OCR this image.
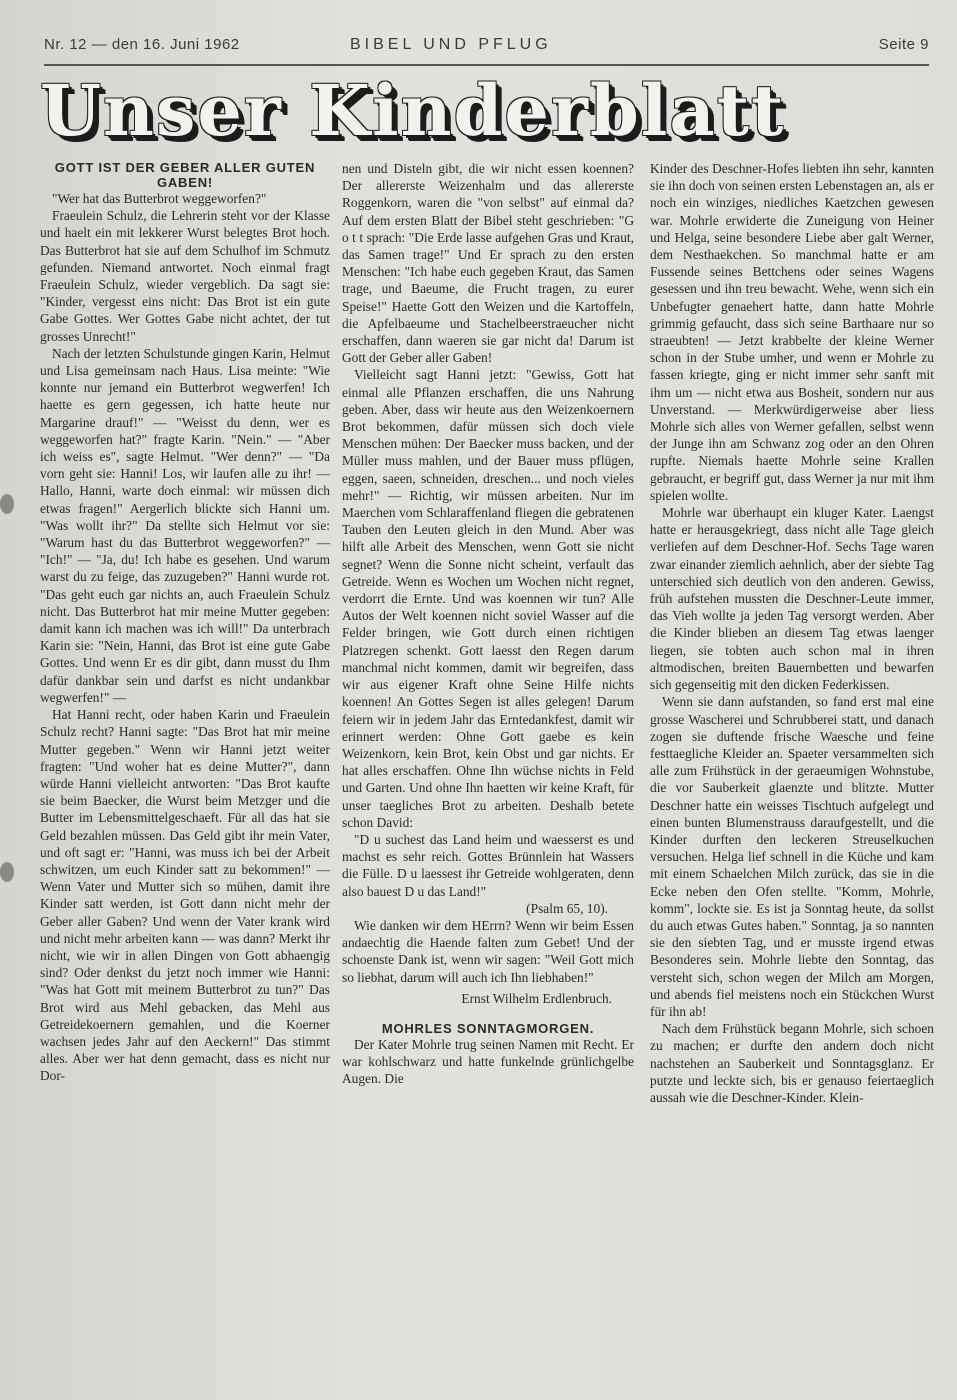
Nr. 12 — den 16. Juni 1962	BIBEL UND PFLUG	Seite 9
Unser Kinderblatt

GOTT IST DER GEBER ALLER GUTEN GABEN!

"Wer hat das Butterbrot weggeworfen?"

Fraeulein Schulz, die Lehrerin steht vor der Klasse und haelt ein mit lekkerer Wurst belegtes Brot hoch. Das Butterbrot hat sie auf dem Schulhof im Schmutz gefunden. Niemand antwortet. Noch einmal fragt Fraeulein Schulz, wieder vergeblich. Da sagt sie: "Kinder, vergesst eins nicht: Das Brot ist ein gute Gabe Gottes. Wer Gottes Gabe nicht achtet, der tut grosses Unrecht!"

Nach der letzten Schulstunde gingen Karin, Helmut und Lisa gemeinsam nach Haus. Lisa meinte: "Wie konnte nur jemand ein Butterbrot wegwerfen! Ich haette es gern gegessen, ich hatte heute nur Margarine drauf!" — "Weisst du denn, wer es weggeworfen hat?" fragte Karin. "Nein." — "Aber ich weiss es", sagte Helmut. "Wer denn?" — "Da vorn geht sie: Hanni! Los, wir laufen alle zu ihr! — Hallo, Hanni, warte doch einmal: wir müssen dich etwas fragen!" Aergerlich blickte sich Hanni um. "Was wollt ihr?" Da stellte sich Helmut vor sie: "Warum hast du das Butterbrot weggeworfen?" — "Ich!" — "Ja, du! Ich habe es gesehen. Und warum warst du zu feige, das zuzugeben?" Hanni wurde rot. "Das geht euch gar nichts an, auch Fraeulein Schulz nicht. Das Butterbrot hat mir meine Mutter gegeben: damit kann ich machen was ich will!" Da unterbrach Karin sie: "Nein, Hanni, das Brot ist eine gute Gabe Gottes. Und wenn Er es dir gibt, dann musst du Ihm dafür dankbar sein und darfst es nicht undankbar wegwerfen!" —

Hat Hanni recht, oder haben Karin und Fraeulein Schulz recht? Hanni sagte: "Das Brot hat mir meine Mutter gegeben." Wenn wir Hanni jetzt weiter fragten: "Und woher hat es deine Mutter?", dann würde Hanni vielleicht antworten: "Das Brot kaufte sie beim Baecker, die Wurst beim Metzger und die Butter im Lebensmittelgeschaeft. Für all das hat sie Geld bezahlen müssen. Das Geld gibt ihr mein Vater, und oft sagt er: "Hanni, was muss ich bei der Arbeit schwitzen, um euch Kinder satt zu bekommen!" — Wenn Vater und Mutter sich so mühen, damit ihre Kinder satt werden, ist Gott dann nicht mehr der Geber aller Gaben? Und wenn der Vater krank wird und nicht mehr arbeiten kann — was dann? Merkt ihr nicht, wie wir in allen Dingen von Gott abhaengig sind? Oder denkst du jetzt noch immer wie Hanni: "Was hat Gott mit meinem Butterbrot zu tun?" Das Brot wird aus Mehl gebacken, das Mehl aus Getreidekoernern gemahlen, und die Koerner wachsen jedes Jahr auf den Aeckern!" Das stimmt alles. Aber wer hat denn gemacht, dass es nicht nur Dor-

nen und Disteln gibt, die wir nicht essen koennen? Der allererste Weizenhalm und das allererste Roggenkorn, waren die "von selbst" auf einmal da? Auf dem ersten Blatt der Bibel steht geschrieben: "G o t t sprach: "Die Erde lasse aufgehen Gras und Kraut, das Samen trage!" Und Er sprach zu den ersten Menschen: "Ich habe euch gegeben Kraut, das Samen trage, und Baeume, die Frucht tragen, zu eurer Speise!" Haette Gott den Weizen und die Kartoffeln, die Apfelbaeume und Stachelbeerstraeucher nicht erschaffen, dann waeren sie gar nicht da! Darum ist Gott der Geber aller Gaben!

Vielleicht sagt Hanni jetzt: "Gewiss, Gott hat einmal alle Pflanzen erschaffen, die uns Nahrung geben. Aber, dass wir heute aus den Weizenkoernern Brot bekommen, dafür müssen sich doch viele Menschen mühen: Der Baecker muss backen, und der Müller muss mahlen, und der Bauer muss pflügen, eggen, saeen, schneiden, dreschen... und noch vieles mehr!" — Richtig, wir müssen arbeiten. Nur im Maerchen vom Schlaraffenland fliegen die gebratenen Tauben den Leuten gleich in den Mund. Aber was hilft alle Arbeit des Menschen, wenn Gott sie nicht segnet? Wenn die Sonne nicht scheint, verfault das Getreide. Wenn es Wochen um Wochen nicht regnet, verdorrt die Ernte. Und was koennen wir tun? Alle Autos der Welt koennen nicht soviel Wasser auf die Felder bringen, wie Gott durch einen richtigen Platzregen schenkt. Gott laesst den Regen darum manchmal nicht kommen, damit wir begreifen, dass wir aus eigener Kraft ohne Seine Hilfe nichts koennen! An Gottes Segen ist alles gelegen! Darum feiern wir in jedem Jahr das Erntedankfest, damit wir erinnert werden: Ohne Gott gaebe es kein Weizenkorn, kein Brot, kein Obst und gar nichts. Er hat alles erschaffen. Ohne Ihn wüchse nichts in Feld und Garten. Und ohne Ihn haetten wir keine Kraft, für unser taegliches Brot zu arbeiten. Deshalb betete schon David:

"D u suchest das Land heim und waesserst es und machst es sehr reich. Gottes Brünnlein hat Wassers die Fülle. D u laessest ihr Getreide wohlgeraten, denn also bauest D u das Land!"

(Psalm 65, 10).

Wie danken wir dem HErrn? Wenn wir beim Essen andaechtig die Haende falten zum Gebet! Und der schoenste Dank ist, wenn wir sagen: "Weil Gott mich so liebhat, darum will auch ich Ihn liebhaben!"

Ernst Wilhelm Erdlenbruch.

MOHRLES SONNTAGMORGEN.

Der Kater Mohrle trug seinen Namen mit Recht. Er war kohlschwarz und hatte funkelnde grünlichgelbe Augen. Die

Kinder des Deschner-Hofes liebten ihn sehr, kannten sie ihn doch von seinen ersten Lebenstagen an, als er noch ein winziges, niedliches Kaetzchen gewesen war. Mohrle erwiderte die Zuneigung von Heiner und Helga, seine besondere Liebe aber galt Werner, dem Nesthaekchen. So manchmal hatte er am Fussende seines Bettchens oder seines Wagens gesessen und ihn treu bewacht. Wehe, wenn sich ein Unbefugter genaehert hatte, dann hatte Mohrle grimmig gefaucht, dass sich seine Barthaare nur so straeubten! — Jetzt krabbelte der kleine Werner schon in der Stube umher, und wenn er Mohrle zu fassen kriegte, ging er nicht immer sehr sanft mit ihm um — nicht etwa aus Bosheit, sondern nur aus Unverstand. — Merkwürdigerweise aber liess Mohrle sich alles von Werner gefallen, selbst wenn der Junge ihn am Schwanz zog oder an den Ohren rupfte. Niemals haette Mohrle seine Krallen gebraucht, er begriff gut, dass Werner ja nur mit ihm spielen wollte.

Mohrle war überhaupt ein kluger Kater. Laengst hatte er herausgekriegt, dass nicht alle Tage gleich verliefen auf dem Deschner-Hof. Sechs Tage waren zwar einander ziemlich aehnlich, aber der siebte Tag unterschied sich deutlich von den anderen. Gewiss, früh aufstehen mussten die Deschner-Leute immer, das Vieh wollte ja jeden Tag versorgt werden. Aber die Kinder blieben an diesem Tag etwas laenger liegen, sie tobten auch schon mal in ihren altmodischen, breiten Bauernbetten und bewarfen sich gegenseitig mit den dicken Federkissen.

Wenn sie dann aufstanden, so fand erst mal eine grosse Wascherei und Schrubberei statt, und danach zogen sie duftende frische Waesche und feine festtaegliche Kleider an. Spaeter versammelten sich alle zum Frühstück in der geraeumigen Wohnstube, die vor Sauberkeit glaenzte und blitzte. Mutter Deschner hatte ein weisses Tischtuch aufgelegt und einen bunten Blumenstrauss daraufgestellt, und die Kinder durften den leckeren Streuselkuchen versuchen. Helga lief schnell in die Küche und kam mit einem Schaelchen Milch zurück, das sie in die Ecke neben den Ofen stellte. "Komm, Mohrle, komm", lockte sie. Es ist ja Sonntag heute, da sollst du auch etwas Gutes haben." Sonntag, ja so nannten sie den siebten Tag, und er musste irgend etwas Besonderes sein. Mohrle liebte den Sonntag, das versteht sich, schon wegen der Milch am Morgen, und abends fiel meistens noch ein Stückchen Wurst für ihn ab!

Nach dem Frühstück begann Mohrle, sich schoen zu machen; er durfte den andern doch nicht nachstehen an Sauberkeit und Sonntagsglanz. Er putzte und leckte sich, bis er genauso feiertaeglich aussah wie die Deschner-Kinder. Klein-
